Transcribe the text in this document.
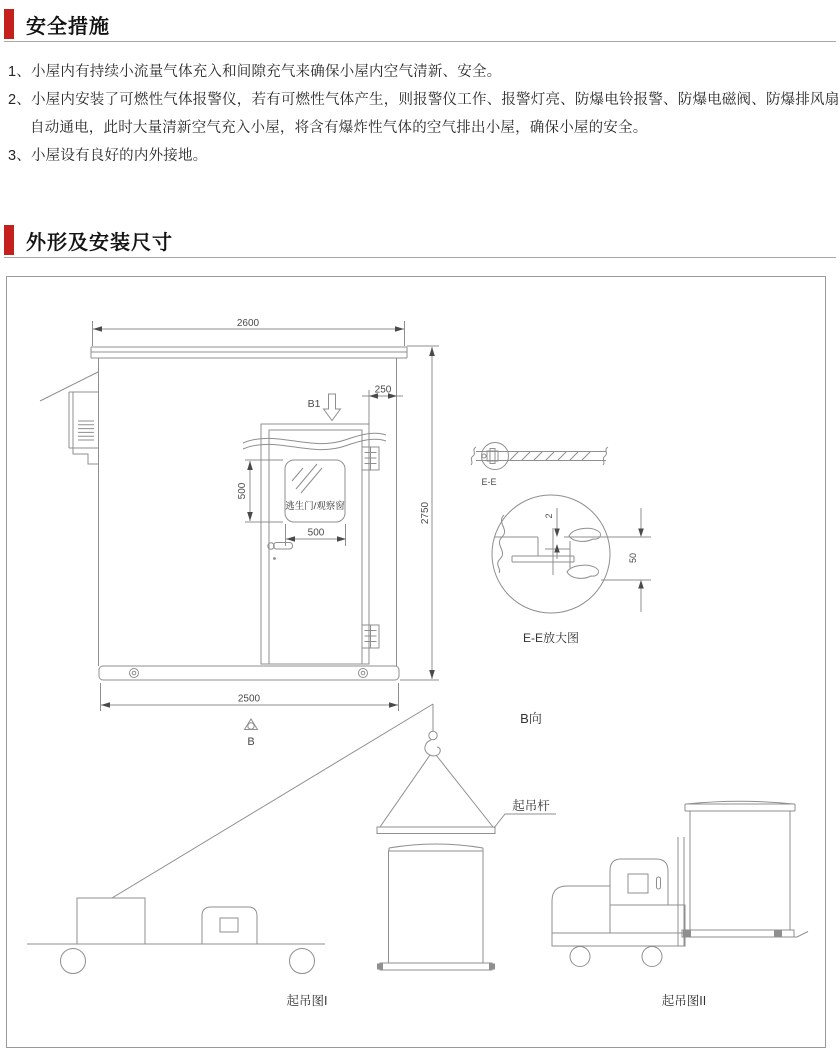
安全措施
1、小屋内有持续小流量气体充入和间隙充气来确保小屋内空气清新、安全。
2、小屋内安装了可燃性气体报警仪，若有可燃性气体产生，则报警仪工作、报警灯亮、防爆电铃报警、防爆电磁阀、防爆排风扇
自动通电，此时大量清新空气充入小屋，将含有爆炸性气体的空气排出小屋，确保小屋的安全。
3、小屋设有良好的内外接地。
外形及安装尺寸
2600
2750
250
B1
逃生门/观察窗
500
500
2500
B
E-E
2
50
E-E放大图
B向
起吊杆
起吊图I	起吊图II
